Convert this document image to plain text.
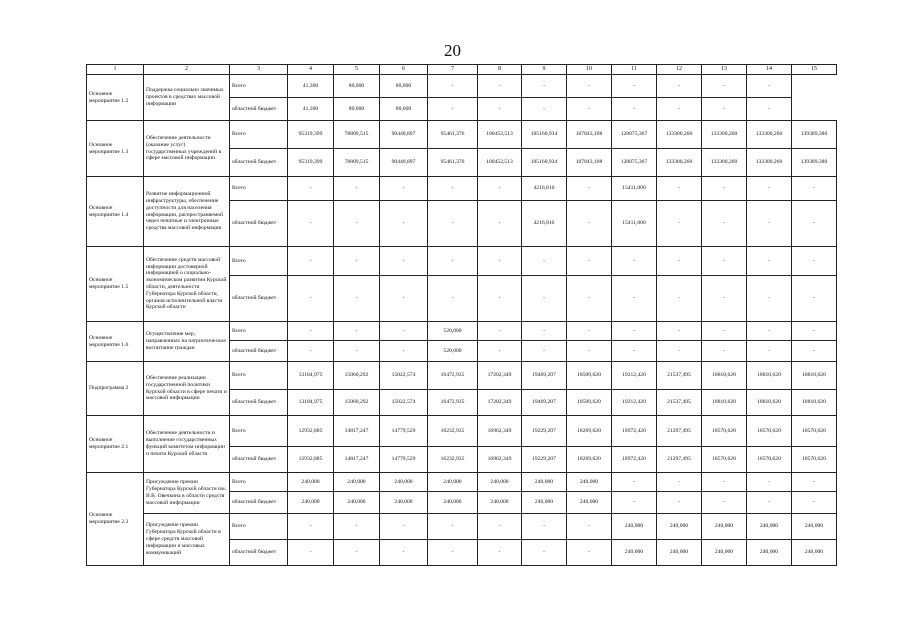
20
1	2	3	4	5	6	7	8	9	10	11	12	13	14	15
Основное мероприятие 1.2	Поддержка социально значимых проектов в средствах массовой информации	Всего	41,300	80,000	80,000	-	-	-	-	-	-	-	-	
		областной бюджет	41,300	80,000	80,000	-	-	-	-	-	-	-	-	
Основное мероприятие 1.3	Обеспечение деятельности (оказание услуг) государственных учреждений в сфере массовой информации	Всего	95319,399	78809,515	90440,897	95461,376	100452,513	105160,934	107843,108	128075,367	133300,260	133300,260	133300,260	139389,380
		областной бюджет	95319,399	78809,515	90440,897	95461,376	100452,513	105160,934	107843,108	128075,367	133300,260	133300,260	133300,260	139389,380
Основное мероприятие 1.4	Развитие информационной инфраструктуры, обеспечение доступности для населения информации, распространяемой через печатные и электронные средства массовой информации	Всего	-	-	-	-	-	4216,810	-	15411,000	-	-	-	-
		областной бюджет	-	-	-	-	-	4216,810	-	15411,000	-	-	-	-
Основное мероприятие 1.5	Обеспечение средств массовой информации достоверной информацией о социально-экономическом развитии Курской области, деятельности Губернатора Курской области, органов исполнительной власти Курской области	Всего	-	-	-	-	-	-	-	-	-	-	-	-
		областной бюджет	-	-	-	-	-	-	-	-	-	-	-	-
Основное мероприятие 1.6	Осуществление мер, направленных на патриотическое воспитание граждан	Всего	-	-	-	520,000	-	-	-	-	-	-	-	-
		областной бюджет	-	-	-	520,000	-	-	-	-	-	-	-	-
Подпрограмма 2	Обеспечение реализации государственной политики Курской области в сфере печати и массовой информации	Всего	13184,975	15060,292	15022,574	16472,935	17202,349	19469,207	18509,620	19212,420	21537,495	18810,620	18810,620	18810,620
		областной бюджет	13184,975	15060,292	15022,574	16472,935	17202,349	19469,207	18509,620	19212,420	21537,495	18810,620	18810,620	18810,620
Основное мероприятие 2.1	Обеспечение деятельности и выполнение государственных функций комитетом информации и печати Курской области	Всего	12932,885	14817,247	14779,529	16232,935	16962,349	19229,207	18269,620	18972,420	21297,495	18570,620	18570,620	18570,620
		областной бюджет	12932,885	14817,247	14779,529	16232,935	16962,349	19229,207	18269,620	18972,420	21297,495	18570,620	18570,620	18570,620
Основное мероприятие 2.3	Присуждение премии Губернатора Курской области им. В.В. Овечкина в области средств массовой информации	Всего	240,000	240,000	240,000	240,000	240,000	240,000	240,000	-	-	-	-	-
		областной бюджет	240,000	240,000	240,000	240,000	240,000	240,000	240,000	-	-	-	-	-
	Присуждение премии Губернатора Курской области в сфере средств массовой информации и массовых коммуникаций	Всего	-	-	-	-	-	-	-	240,000	240,000	240,000	240,000	240,000
		областной бюджет	-	-	-	-	-	-	-	240,000	240,000	240,000	240,000	240,000
